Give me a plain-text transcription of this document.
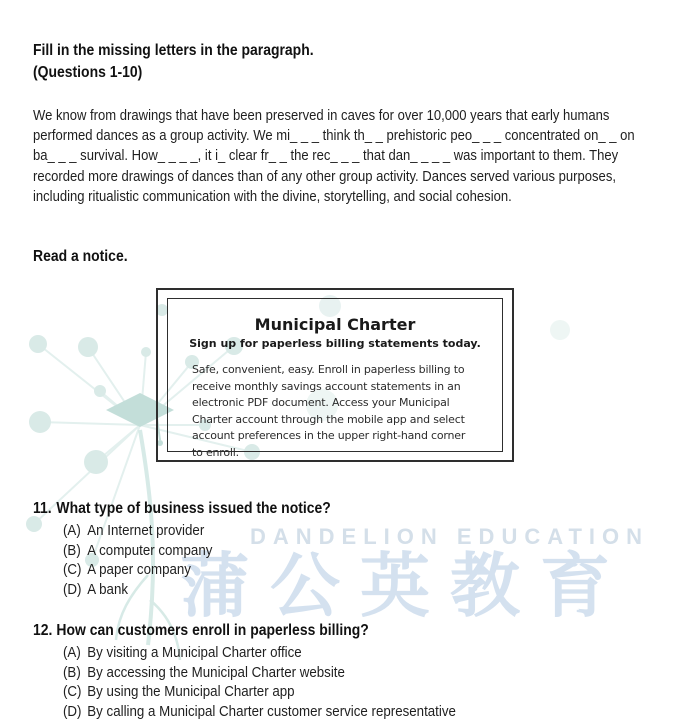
DANDELION EDUCATION
蒲公英教育
Fill in the missing letters in the paragraph.
(Questions 1-10)
We know from drawings that have been preserved in caves for over 10,000 years that early humans
performed dances as a group activity. We mi_ _ _ think th_ _ prehistoric peo_ _ _ concentrated on_ _ on
ba_ _ _ survival. How_ _ _ _, it i_ clear fr_ _ the rec_ _ _ that dan_ _ _ _ was important to them. They
recorded more drawings of dances than of any other group activity. Dances served various purposes,
including ritualistic communication with the divine, storytelling, and social cohesion.
Read a notice.
Municipal Charter
Sign up for paperless billing statements today.
Safe, convenient, easy. Enroll in paperless billing to receive monthly savings account statements in an electronic PDF document. Access your Municipal Charter account through the mobile app and select account preferences in the upper right-hand corner to enroll.
11. What type of business issued the notice?
(A) An Internet provider
(B) A computer company
(C) A paper company
(D) A bank
12. How can customers enroll in paperless billing?
(A) By visiting a Municipal Charter office
(B) By accessing the Municipal Charter website
(C) By using the Municipal Charter app
(D) By calling a Municipal Charter customer service representative
